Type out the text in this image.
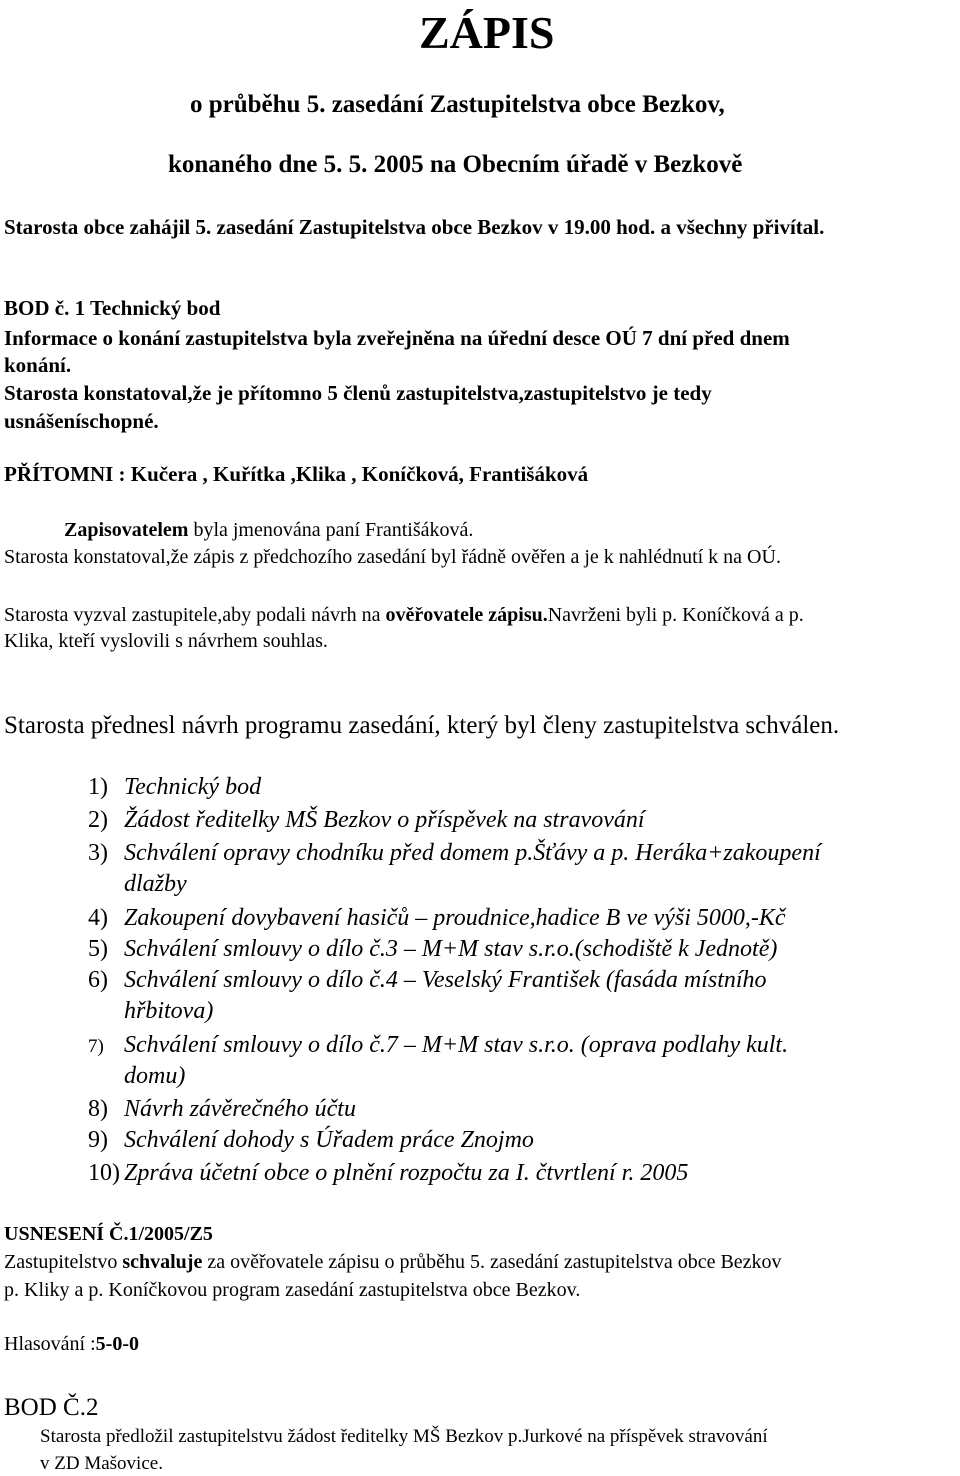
ZÁPIS
o průběhu 5. zasedání Zastupitelstva obce Bezkov,
konaného dne 5. 5. 2005 na Obecním úřadě v Bezkově
Starosta obce zahájil 5. zasedání Zastupitelstva obce Bezkov v 19.00 hod. a všechny přivítal.
BOD č. 1 Technický bod
Informace o konání zastupitelstva byla zveřejněna na úřední desce OÚ 7 dní před dnem
konání.
Starosta konstatoval,že je přítomno 5 členů zastupitelstva,zastupitelstvo je tedy
usnášeníschopné.
PŘÍTOMNI : Kučera , Kuřítka ,Klika , Koníčková, Františáková
Zapisovatelem byla jmenována paní Františáková.
Starosta konstatoval,že zápis z předchozího zasedání byl řádně ověřen a je k nahlédnutí k na OÚ.
Starosta vyzval zastupitele,aby podali návrh na ověřovatele zápisu.Navrženi byli p. Koníčková a p.
Klika, kteří vyslovili s návrhem souhlas.
Starosta přednesl návrh programu zasedání, který byl členy zastupitelstva schválen.
1) Technický bod
2) Žádost ředitelky MŠ Bezkov o příspěvek na stravování
3) Schválení opravy chodníku před domem p.Šťávy a p. Heráka+zakoupení
dlažby
4) Zakoupení dovybavení hasičů – proudnice,hadice B ve výši 5000,-Kč
5) Schválení smlouvy o dílo č.3 – M+M stav s.r.o.(schodiště k Jednotě)
6) Schválení smlouvy o dílo č.4 – Veselský František (fasáda místního
hřbitova)
7) Schválení smlouvy o dílo č.7 – M+M stav s.r.o. (oprava podlahy kult.
domu)
8) Návrh závěrečného účtu
9) Schválení dohody s Úřadem práce Znojmo
10) Zpráva účetní obce o plnění rozpočtu za I. čtvrtlení r. 2005
USNESENÍ Č.1/2005/Z5
Zastupitelstvo schvaluje za ověřovatele zápisu o průběhu 5. zasedání zastupitelstva obce Bezkov
p. Kliky a p. Koníčkovou program zasedání zastupitelstva obce Bezkov.
Hlasování :5-0-0
BOD Č.2
Starosta předložil zastupitelstvu žádost ředitelky MŠ Bezkov p.Jurkové na příspěvek stravování
v ZD Mašovice.
